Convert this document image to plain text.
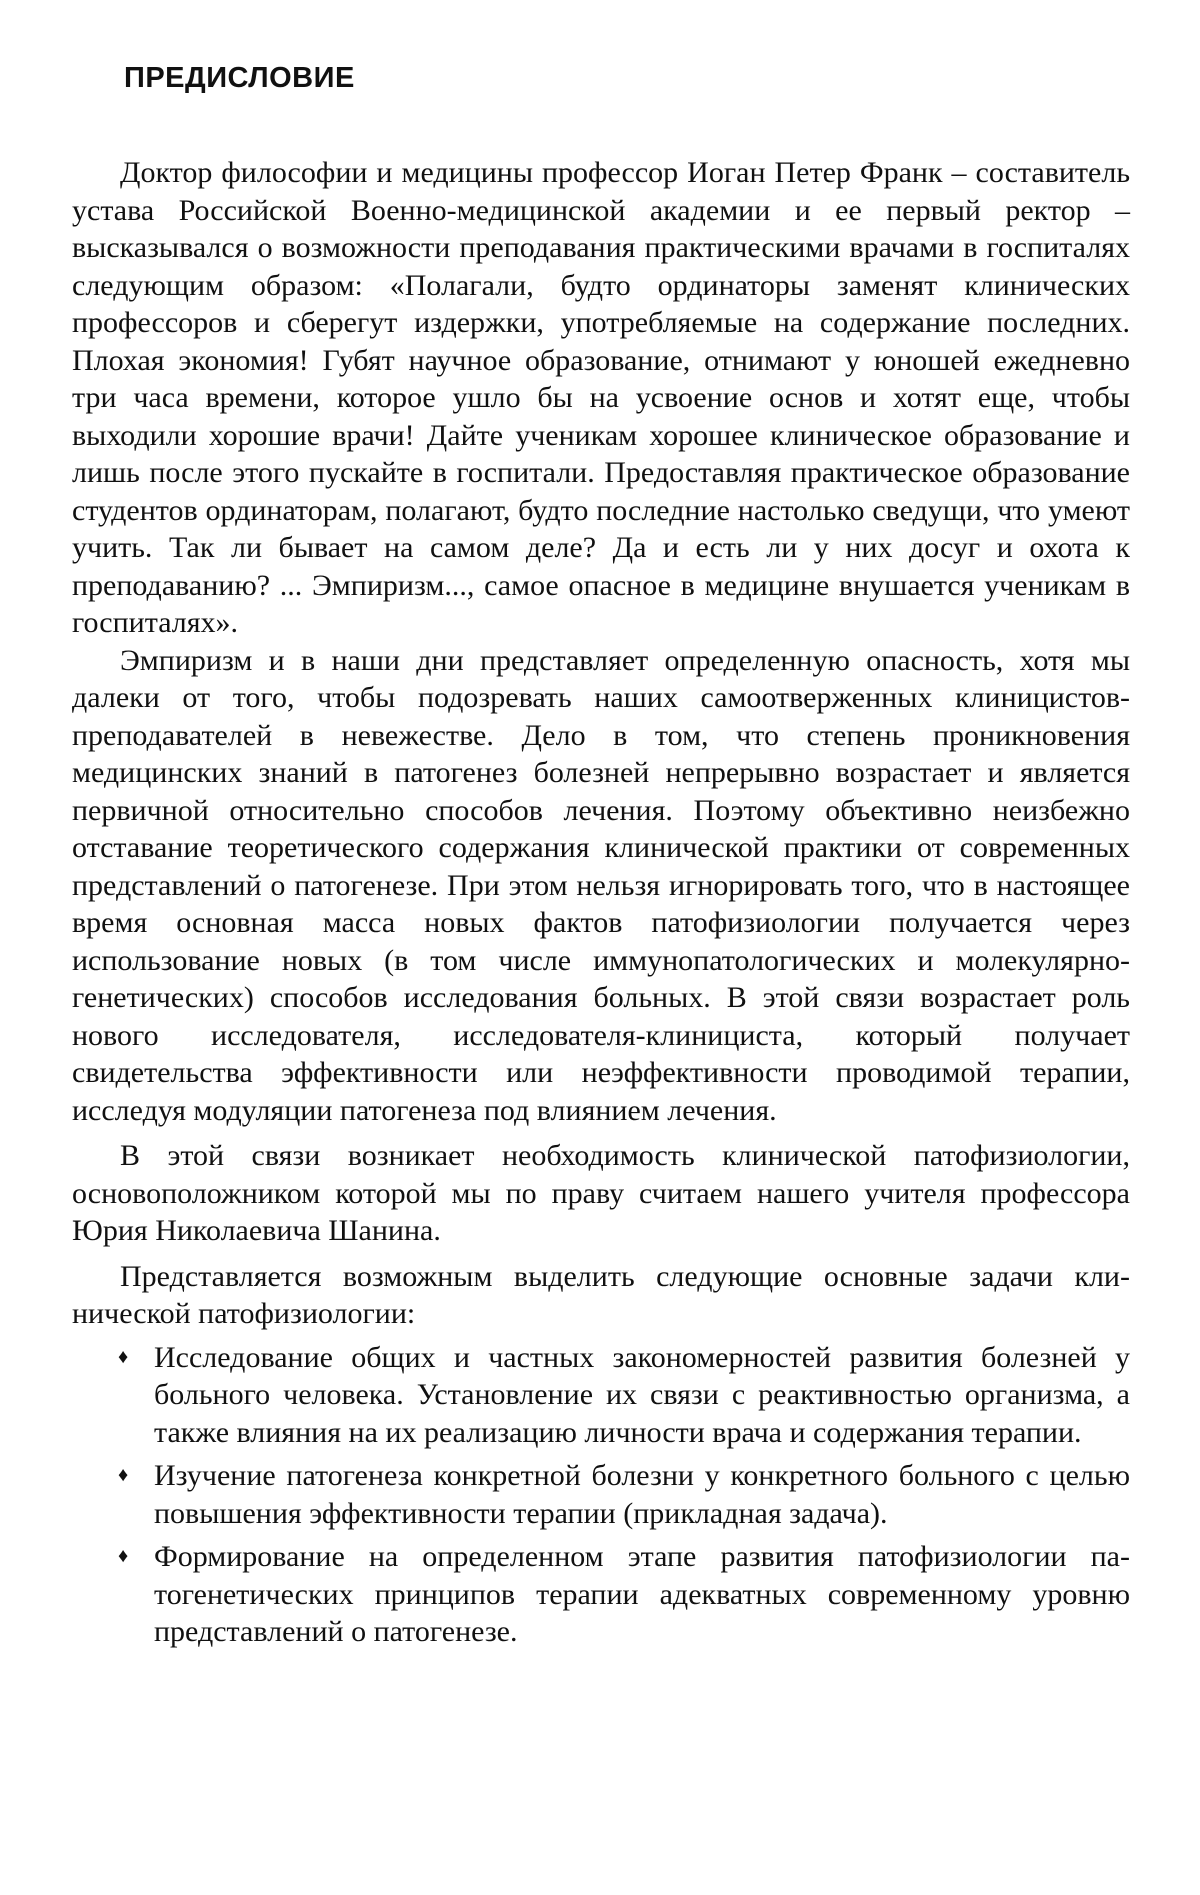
ПРЕДИСЛОВИЕ

Доктор философии и медицины профессор Иоган Петер Франк – составитель устава Российской Военно-медицинской академии и ее первый ректор – высказывался о возможности преподавания практическими врачами в госпиталях следующим образом: «Полагали, будто ординаторы заменят клинических профессоров и сберегут издержки, употребляемые на содержание последних. Плохая экономия! Губят научное образование, отнимают у юношей ежедневно три часа времени, которое ушло бы на усвоение основ и хотят еще, чтобы выходили хорошие врачи! Дайте ученикам хорошее клиническое образование и лишь после этого пускайте в госпитали. Предоставляя практическое образование студентов ординаторам, полагают, будто последние настолько сведущи, что умеют учить. Так ли бывает на самом деле? Да и есть ли у них досуг и охота к преподаванию? ... Эмпиризм..., самое опасное в медицине внушается ученикам в госпиталях».

Эмпиризм и в наши дни представляет определенную опасность, хотя мы далеки от того, чтобы подозревать наших самоотверженных клиницистов-преподавателей в невежестве. Дело в том, что степень проникновения медицинских знаний в патогенез болезней непрерывно возрастает и является первичной относительно способов лечения. Поэтому объективно неизбежно отставание теоретического содержания клинической практики от современных представлений о патогенезе. При этом нельзя игнорировать того, что в настоящее время основная масса новых фактов патофизиологии получается через использование новых (в том числе иммунопатологических и молекулярно-генетических) способов исследования больных. В этой связи возрастает роль нового исследователя, исследователя-клинициста, который получает свидетельства эффективности или неэффективности проводимой терапии, исследуя модуляции патогенеза под влиянием лечения.

В этой связи возникает необходимость клинической патофизиологии, основоположником которой мы по праву считаем нашего учителя профессора Юрия Николаевича Шанина.

Представляется возможным выделить следующие основные задачи клинической патофизиологии:

♦ Исследование общих и частных закономерностей развития болезней у больного человека. Установление их связи с реактивностью организма, а также влияния на их реализацию личности врача и содержания терапии.
♦ Изучение патогенеза конкретной болезни у конкретного больного с целью повышения эффективности терапии (прикладная задача).
♦ Формирование на определенном этапе развития патофизиологии патогенетических принципов терапии адекватных современному уровню представлений о патогенезе.
